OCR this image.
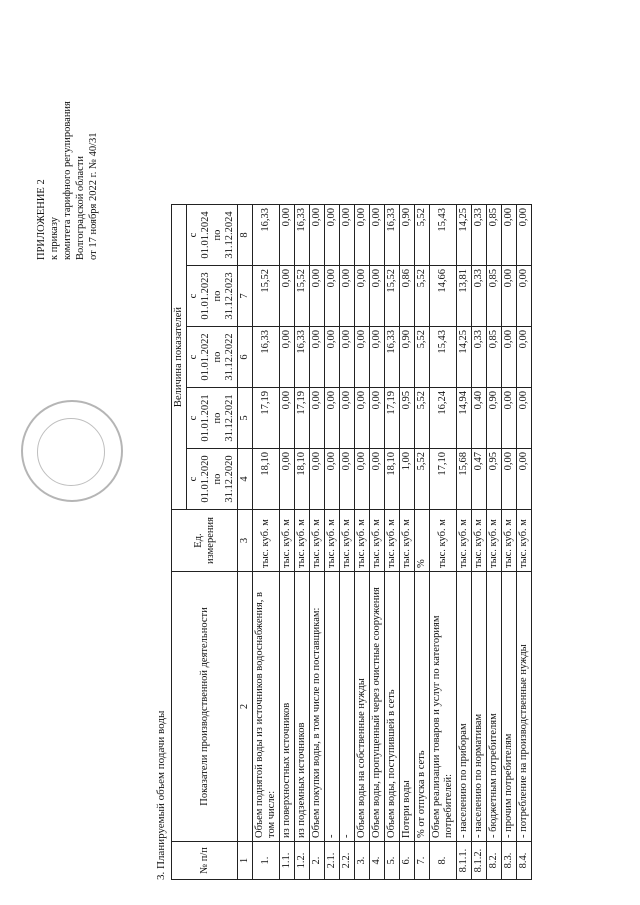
ПРИЛОЖЕНИЕ 2 к приказу комитета тарифного регулирования Волгоградской области от 17 ноября 2022 г. № 40/31
3. Планируемый объем подачи воды	№ п/п	Показатели производственной деятельности	Ед. измерения	Величина показателей				
			с 01.01.2020 по 31.12.2020	с 01.01.2021 по 31.12.2021	с 01.01.2022 по 31.12.2022	с 01.01.2023 по 31.12.2023	с 01.01.2024 по 31.12.2024
1	2	3	4	5	6	7	8
1.	Объем поднятой воды из источников водоснабжения, в том числе:	тыс. куб. м	18,10	17,19	16,33	15,52	16,33
1.1.	из поверхностных источников	тыс. куб. м	0,00	0,00	0,00	0,00	0,00
1.2.	из подземных источников	тыс. куб. м	18,10	17,19	16,33	15,52	16,33
2.	Объем покупки воды, в том числе по поставщикам:	тыс. куб. м	0,00	0,00	0,00	0,00	0,00
2.1.	-	тыс. куб. м	0,00	0,00	0,00	0,00	0,00
2.2.	-	тыс. куб. м	0,00	0,00	0,00	0,00	0,00
3.	Объем воды на собственные нужды	тыс. куб. м	0,00	0,00	0,00	0,00	0,00
4.	Объем воды, пропущенный через очистные сооружения	тыс. куб. м	0,00	0,00	0,00	0,00	0,00
5.	Объем воды, поступившей в сеть	тыс. куб. м	18,10	17,19	16,33	15,52	16,33
6.	Потери воды	тыс. куб. м	1,00	0,95	0,90	0,86	0,90
7.	% от отпуска в сеть	%	5,52	5,52	5,52	5,52	5,52
8.	Объем реализации товаров и услуг по категориям потребителей:	тыс. куб. м	17,10	16,24	15,43	14,66	15,43
8.1.1.	- населению по приборам	тыс. куб. м	15,68	14,94	14,25	13,81	14,25
8.1.2.	- населению по нормативам	тыс. куб. м	0,47	0,40	0,33	0,33	0,33
8.2.	- бюджетным потребителям	тыс. куб. м	0,95	0,90	0,85	0,85	0,85
8.3.	- прочим потребителям	тыс. куб. м	0,00	0,00	0,00	0,00	0,00
8.4.	- потребление на производственные нужды	тыс. куб. м	0,00	0,00	0,00	0,00	0,00
